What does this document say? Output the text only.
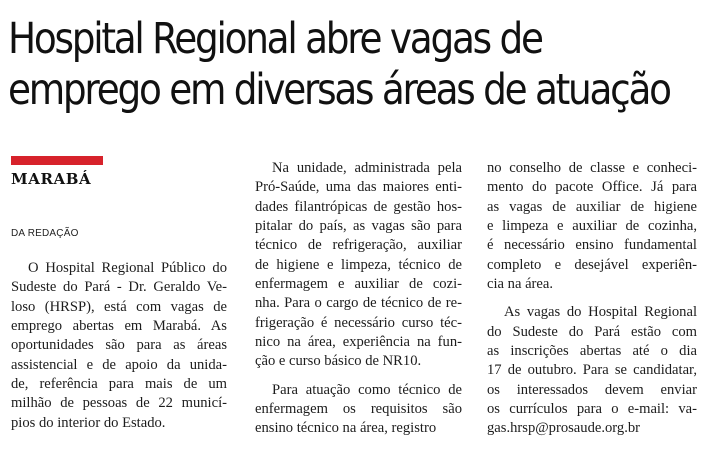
Hospital Regional abre vagas de
emprego em diversas áreas de atuação
MARABÁ
DA REDAÇÃO

O Hospital Regional Público do
Sudeste do Pará - Dr. Geraldo Ve-
loso (HRSP), está com vagas de
emprego abertas em Marabá. As
oportunidades são para as áreas
assistencial e de apoio da unida-
de, referência para mais de um
milhão de pessoas de 22 municí-
pios do interior do Estado.

Na unidade, administrada pela
Pró-Saúde, uma das maiores enti-
dades filantrópicas de gestão hos-
pitalar do país, as vagas são para
técnico de refrigeração, auxiliar
de higiene e limpeza, técnico de
enfermagem e auxiliar de cozi-
nha. Para o cargo de técnico de re-
frigeração é necessário curso téc-
nico na área, experiência na fun-
ção e curso básico de NR10.

Para atuação como técnico de
enfermagem os requisitos são
ensino técnico na área, registro

no conselho de classe e conheci-
mento do pacote Office. Já para
as vagas de auxiliar de higiene
e limpeza e auxiliar de cozinha,
é necessário ensino fundamental
completo e desejável experiên-
cia na área.

As vagas do Hospital Regional
do Sudeste do Pará estão com
as inscrições abertas até o dia
17 de outubro. Para se candidatar,
os interessados devem enviar
os currículos para o e-mail: va-
gas.hrsp@prosaude.org.br
